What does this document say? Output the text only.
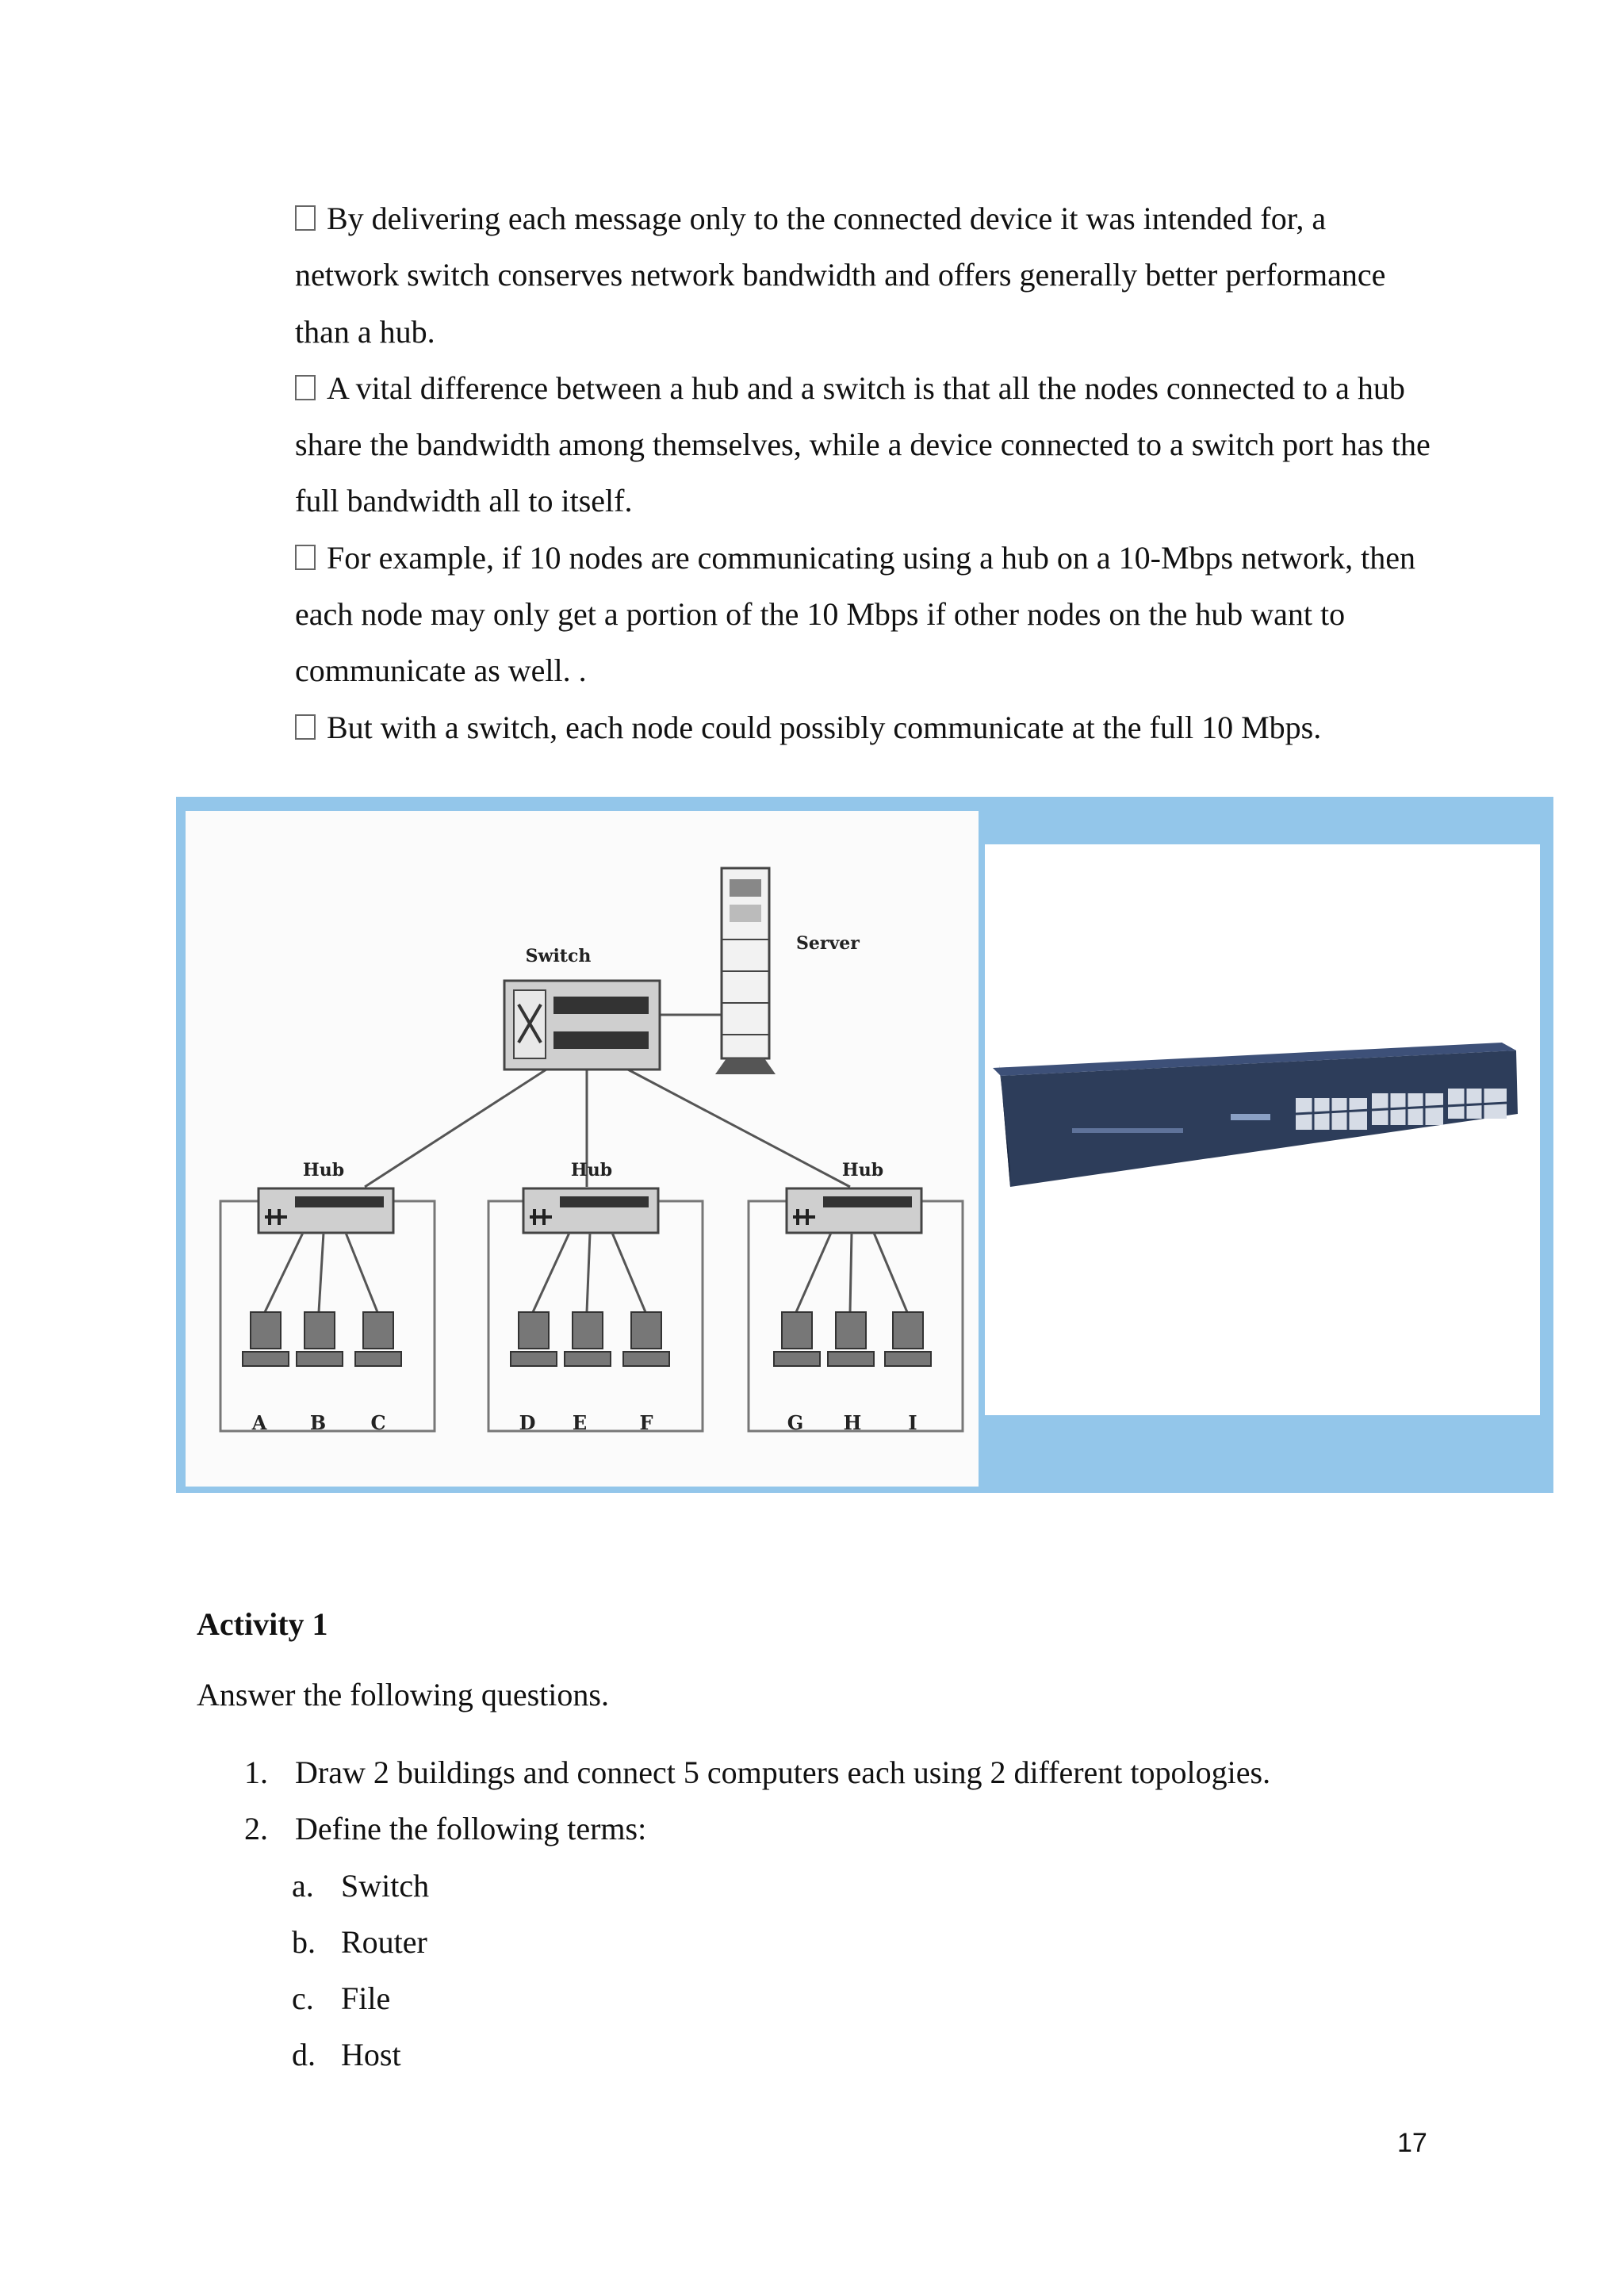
By delivering each message only to the connected device it was intended for, a network switch conserves network bandwidth and offers generally better performance than a hub.

A vital difference between a hub and a switch is that all the nodes connected to a hub share the bandwidth among themselves, while a device connected to a switch port has the full bandwidth all to itself.

For example, if 10 nodes are communicating using a hub on a 10-Mbps network, then each node may only get a portion of the 10 Mbps if other nodes on the hub want to communicate as well. .

But with a switch, each node could possibly communicate at the full 10 Mbps.

Switch
Server
Hub	Hub	Hub
A B C	D E	F	G H I
Activity 1
Answer the following questions.
1. Draw 2 buildings and connect 5 computers each using 2 different topologies.
2. Define the following terms:
a. Switch
b. Router
c. File
d. Host
17
